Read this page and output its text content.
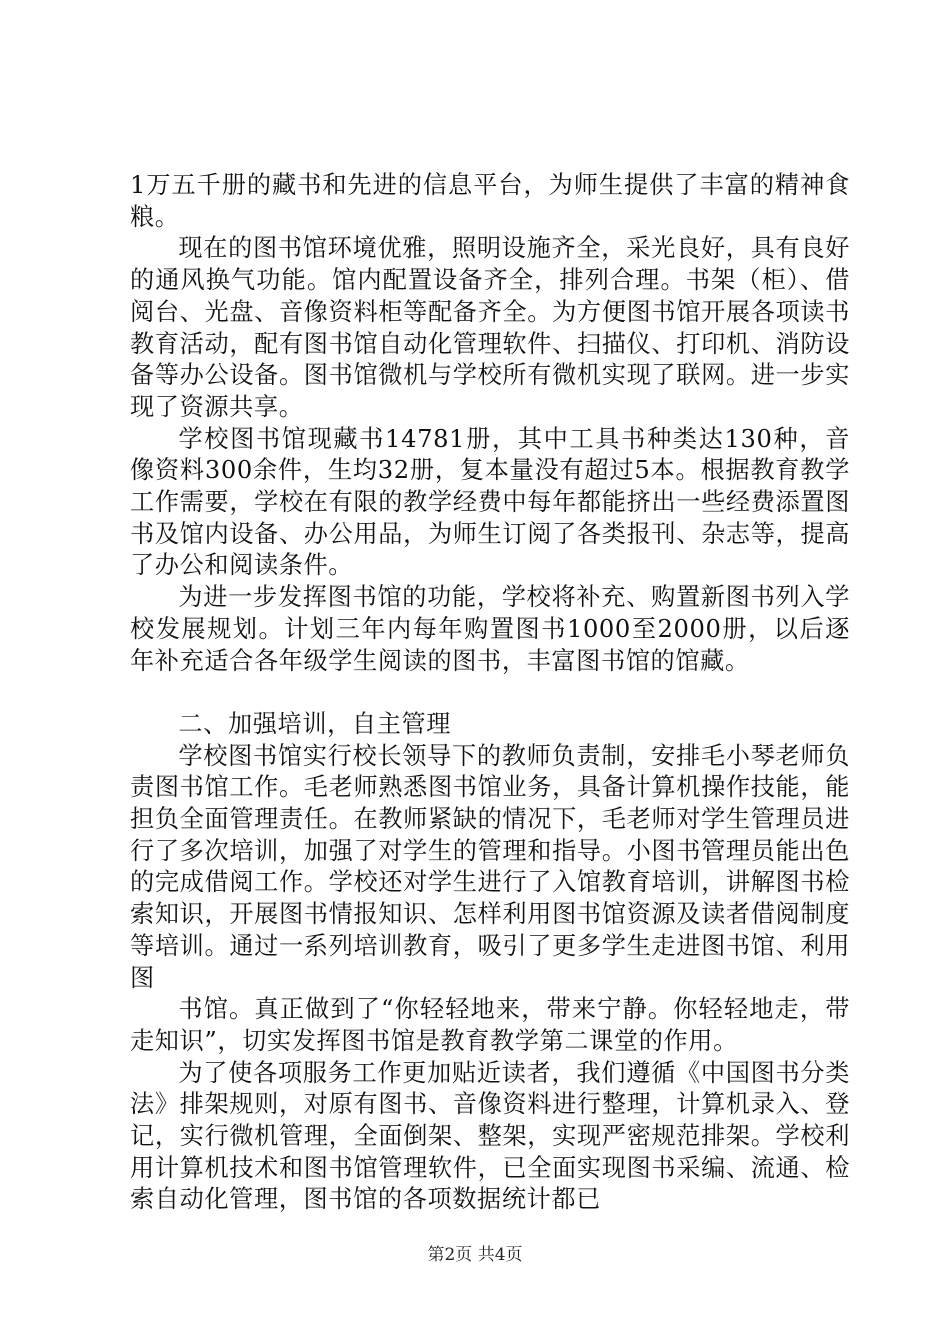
1万五千册的藏书和先进的信息平台，为师生提供了丰富的精神食粮。

现在的图书馆环境优雅，照明设施齐全，采光良好，具有良好的通风换气功能。馆内配置设备齐全，排列合理。书架（柜）、借阅台、光盘、音像资料柜等配备齐全。为方便图书馆开展各项读书教育活动，配有图书馆自动化管理软件、扫描仪、打印机、消防设备等办公设备。图书馆微机与学校所有微机实现了联网。进一步实现了资源共享。

学校图书馆现藏书14781册，其中工具书种类达130种，音像资料300余件，生均32册，复本量没有超过5本。根据教育教学工作需要，学校在有限的教学经费中每年都能挤出一些经费添置图书及馆内设备、办公用品，为师生订阅了各类报刊、杂志等，提高了办公和阅读条件。

为进一步发挥图书馆的功能，学校将补充、购置新图书列入学校发展规划。计划三年内每年购置图书1000至2000册，以后逐年补充适合各年级学生阅读的图书，丰富图书馆的馆藏。

二、加强培训，自主管理

学校图书馆实行校长领导下的教师负责制，安排毛小琴老师负责图书馆工作。毛老师熟悉图书馆业务，具备计算机操作技能，能担负全面管理责任。在教师紧缺的情况下，毛老师对学生管理员进行了多次培训，加强了对学生的管理和指导。小图书管理员能出色的完成借阅工作。学校还对学生进行了入馆教育培训，讲解图书检索知识，开展图书情报知识、怎样利用图书馆资源及读者借阅制度等培训。通过一系列培训教育，吸引了更多学生走进图书馆、利用图

书馆。真正做到了“你轻轻地来，带来宁静。你轻轻地走，带走知识”，切实发挥图书馆是教育教学第二课堂的作用。

为了使各项服务工作更加贴近读者，我们遵循《中国图书分类法》排架规则，对原有图书、音像资料进行整理，计算机录入、登记，实行微机管理，全面倒架、整架，实现严密规范排架。学校利用计算机技术和图书馆管理软件，已全面实现图书采编、流通、检索自动化管理，图书馆的各项数据统计都已

第2页 共4页
